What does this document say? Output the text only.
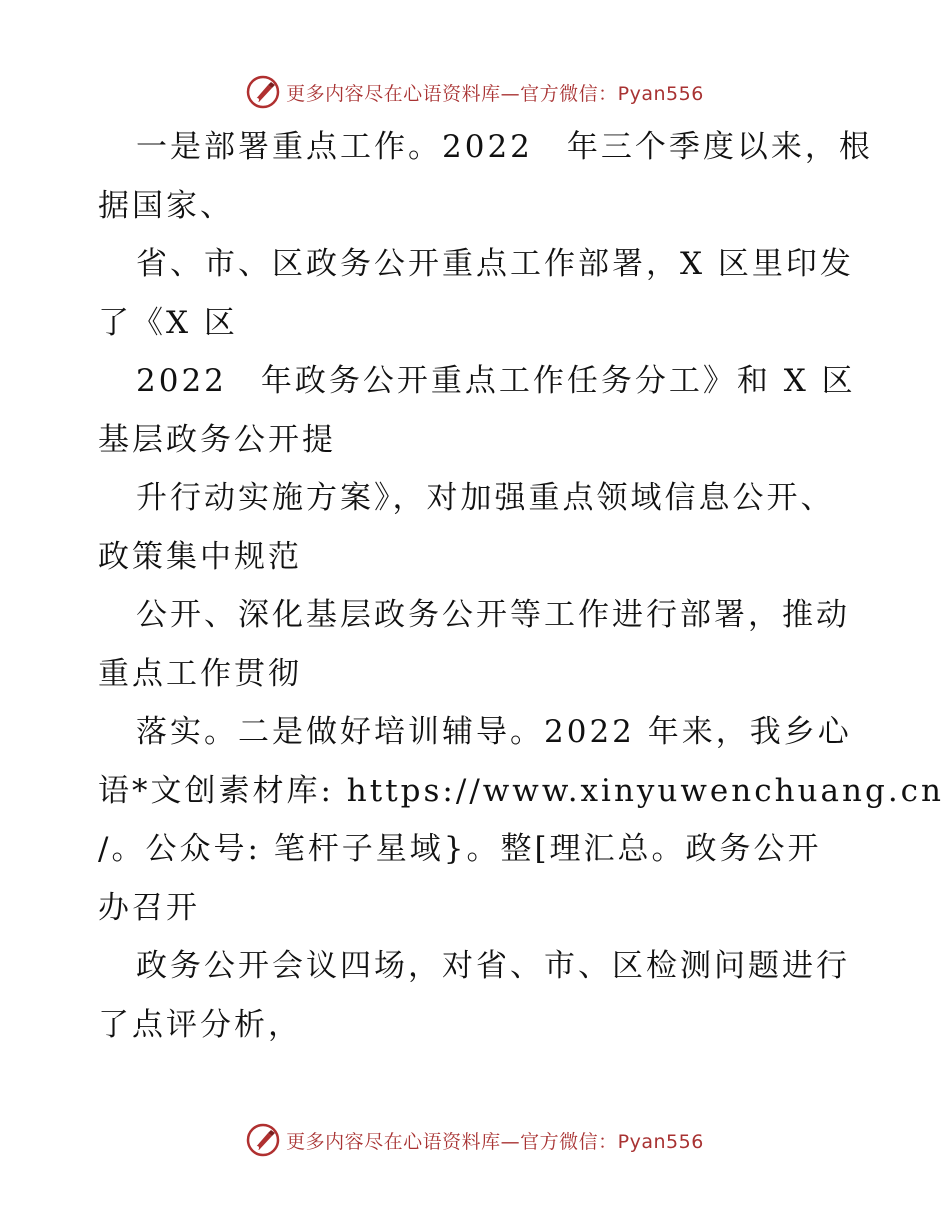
更多内容尽在心语资料库—官方微信：Pyan556
一是部署重点工作。2022　年三个季度以来，根
据国家、
省、市、区政务公开重点工作部署，X 区里印发
了《X 区
2022　年政务公开重点工作任务分工》和 X 区
基层政务公开提
升行动实施方案》，对加强重点领域信息公开、
政策集中规范
公开、深化基层政务公开等工作进行部署，推动
重点工作贯彻
落实。二是做好培训辅导。2022 年来，我乡心
语*文创素材库: https://www.xinyuwenchuang.cn
/。公众号: 笔杆子星域}。整[理汇总。政务公开
办召开
政务公开会议四场，对省、市、区检测问题进行
了点评分析，
更多内容尽在心语资料库—官方微信：Pyan556
